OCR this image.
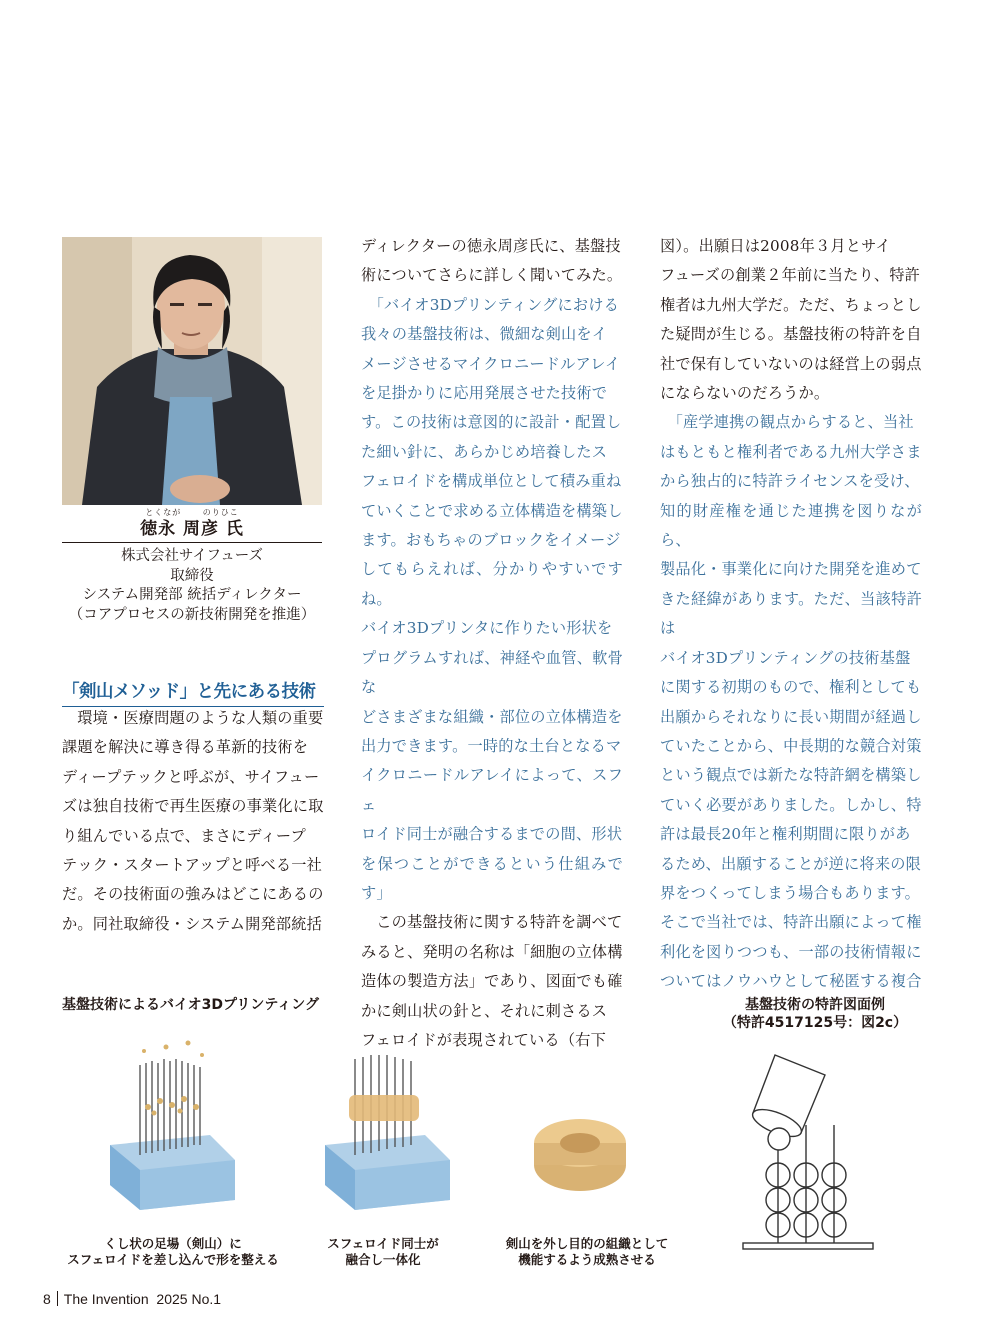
とくなが	のりひこ
徳永 周彦 氏
株式会社サイフューズ
取締役
システム開発部 統括ディレクター
（コアプロセスの新技術開発を推進）
「剣山メソッド」と先にある技術

環境・医療問題のような人類の重要

課題を解決に導き得る革新的技術を

ディープテックと呼ぶが、サイフュー

ズは独自技術で再生医療の事業化に取

り組んでいる点で、まさにディープ

テック・スタートアップと呼べる一社

だ。その技術面の強みはどこにあるの

か。同社取締役・システム開発部統括

ディレクターの徳永周彦氏に、基盤技

術についてさらに詳しく聞いてみた。

「バイオ3Dプリンティングにおける

我々の基盤技術は、微細な剣山をイ

メージさせるマイクロニードルアレイ

を足掛かりに応用発展させた技術で

す。この技術は意図的に設計・配置し

た細い針に、あらかじめ培養したス

フェロイドを構成単位として積み重ね

ていくことで求める立体構造を構築し

ます。おもちゃのブロックをイメージ

してもらえれば、分かりやすいですね。

バイオ3Dプリンタに作りたい形状を

プログラムすれば、神経や血管、軟骨な

どさまざまな組織・部位の立体構造を

出力できます。一時的な土台となるマ

イクロニードルアレイによって、スフェ

ロイド同士が融合するまでの間、形状

を保つことができるという仕組みです」

この基盤技術に関する特許を調べて

みると、発明の名称は「細胞の立体構

造体の製造方法」であり、図面でも確

かに剣山状の針と、それに刺さるス

フェロイドが表現されている（右下

図）。出願日は2008年３月とサイ

フューズの創業２年前に当たり、特許

権者は九州大学だ。ただ、ちょっとし

た疑問が生じる。基盤技術の特許を自

社で保有していないのは経営上の弱点

にならないのだろうか。

「産学連携の観点からすると、当社

はもともと権利者である九州大学さま

から独占的に特許ライセンスを受け、

知的財産権を通じた連携を図りながら、

製品化・事業化に向けた開発を進めて

きた経緯があります。ただ、当該特許は

バイオ3Dプリンティングの技術基盤

に関する初期のもので、権利としても

出願からそれなりに長い期間が経過し

ていたことから、中長期的な競合対策

という観点では新たな特許網を構築し

ていく必要がありました。しかし、特

許は最長20年と権利期間に限りがあ

るため、出願することが逆に将来の限

界をつくってしまう場合もあります。

そこで当社では、特許出願によって権

利化を図りつつも、一部の技術情報に

ついてはノウハウとして秘匿する複合

基盤技術によるバイオ3Dプリンティング
くし状の足場（剣山）に
スフェロイドを差し込んで形を整える
スフェロイド同士が
融合し一体化
剣山を外し目的の組織として
機能するよう成熟させる
基盤技術の特許図面例
（特許4517125号：図2c）
8 The Invention 2025 No.1
